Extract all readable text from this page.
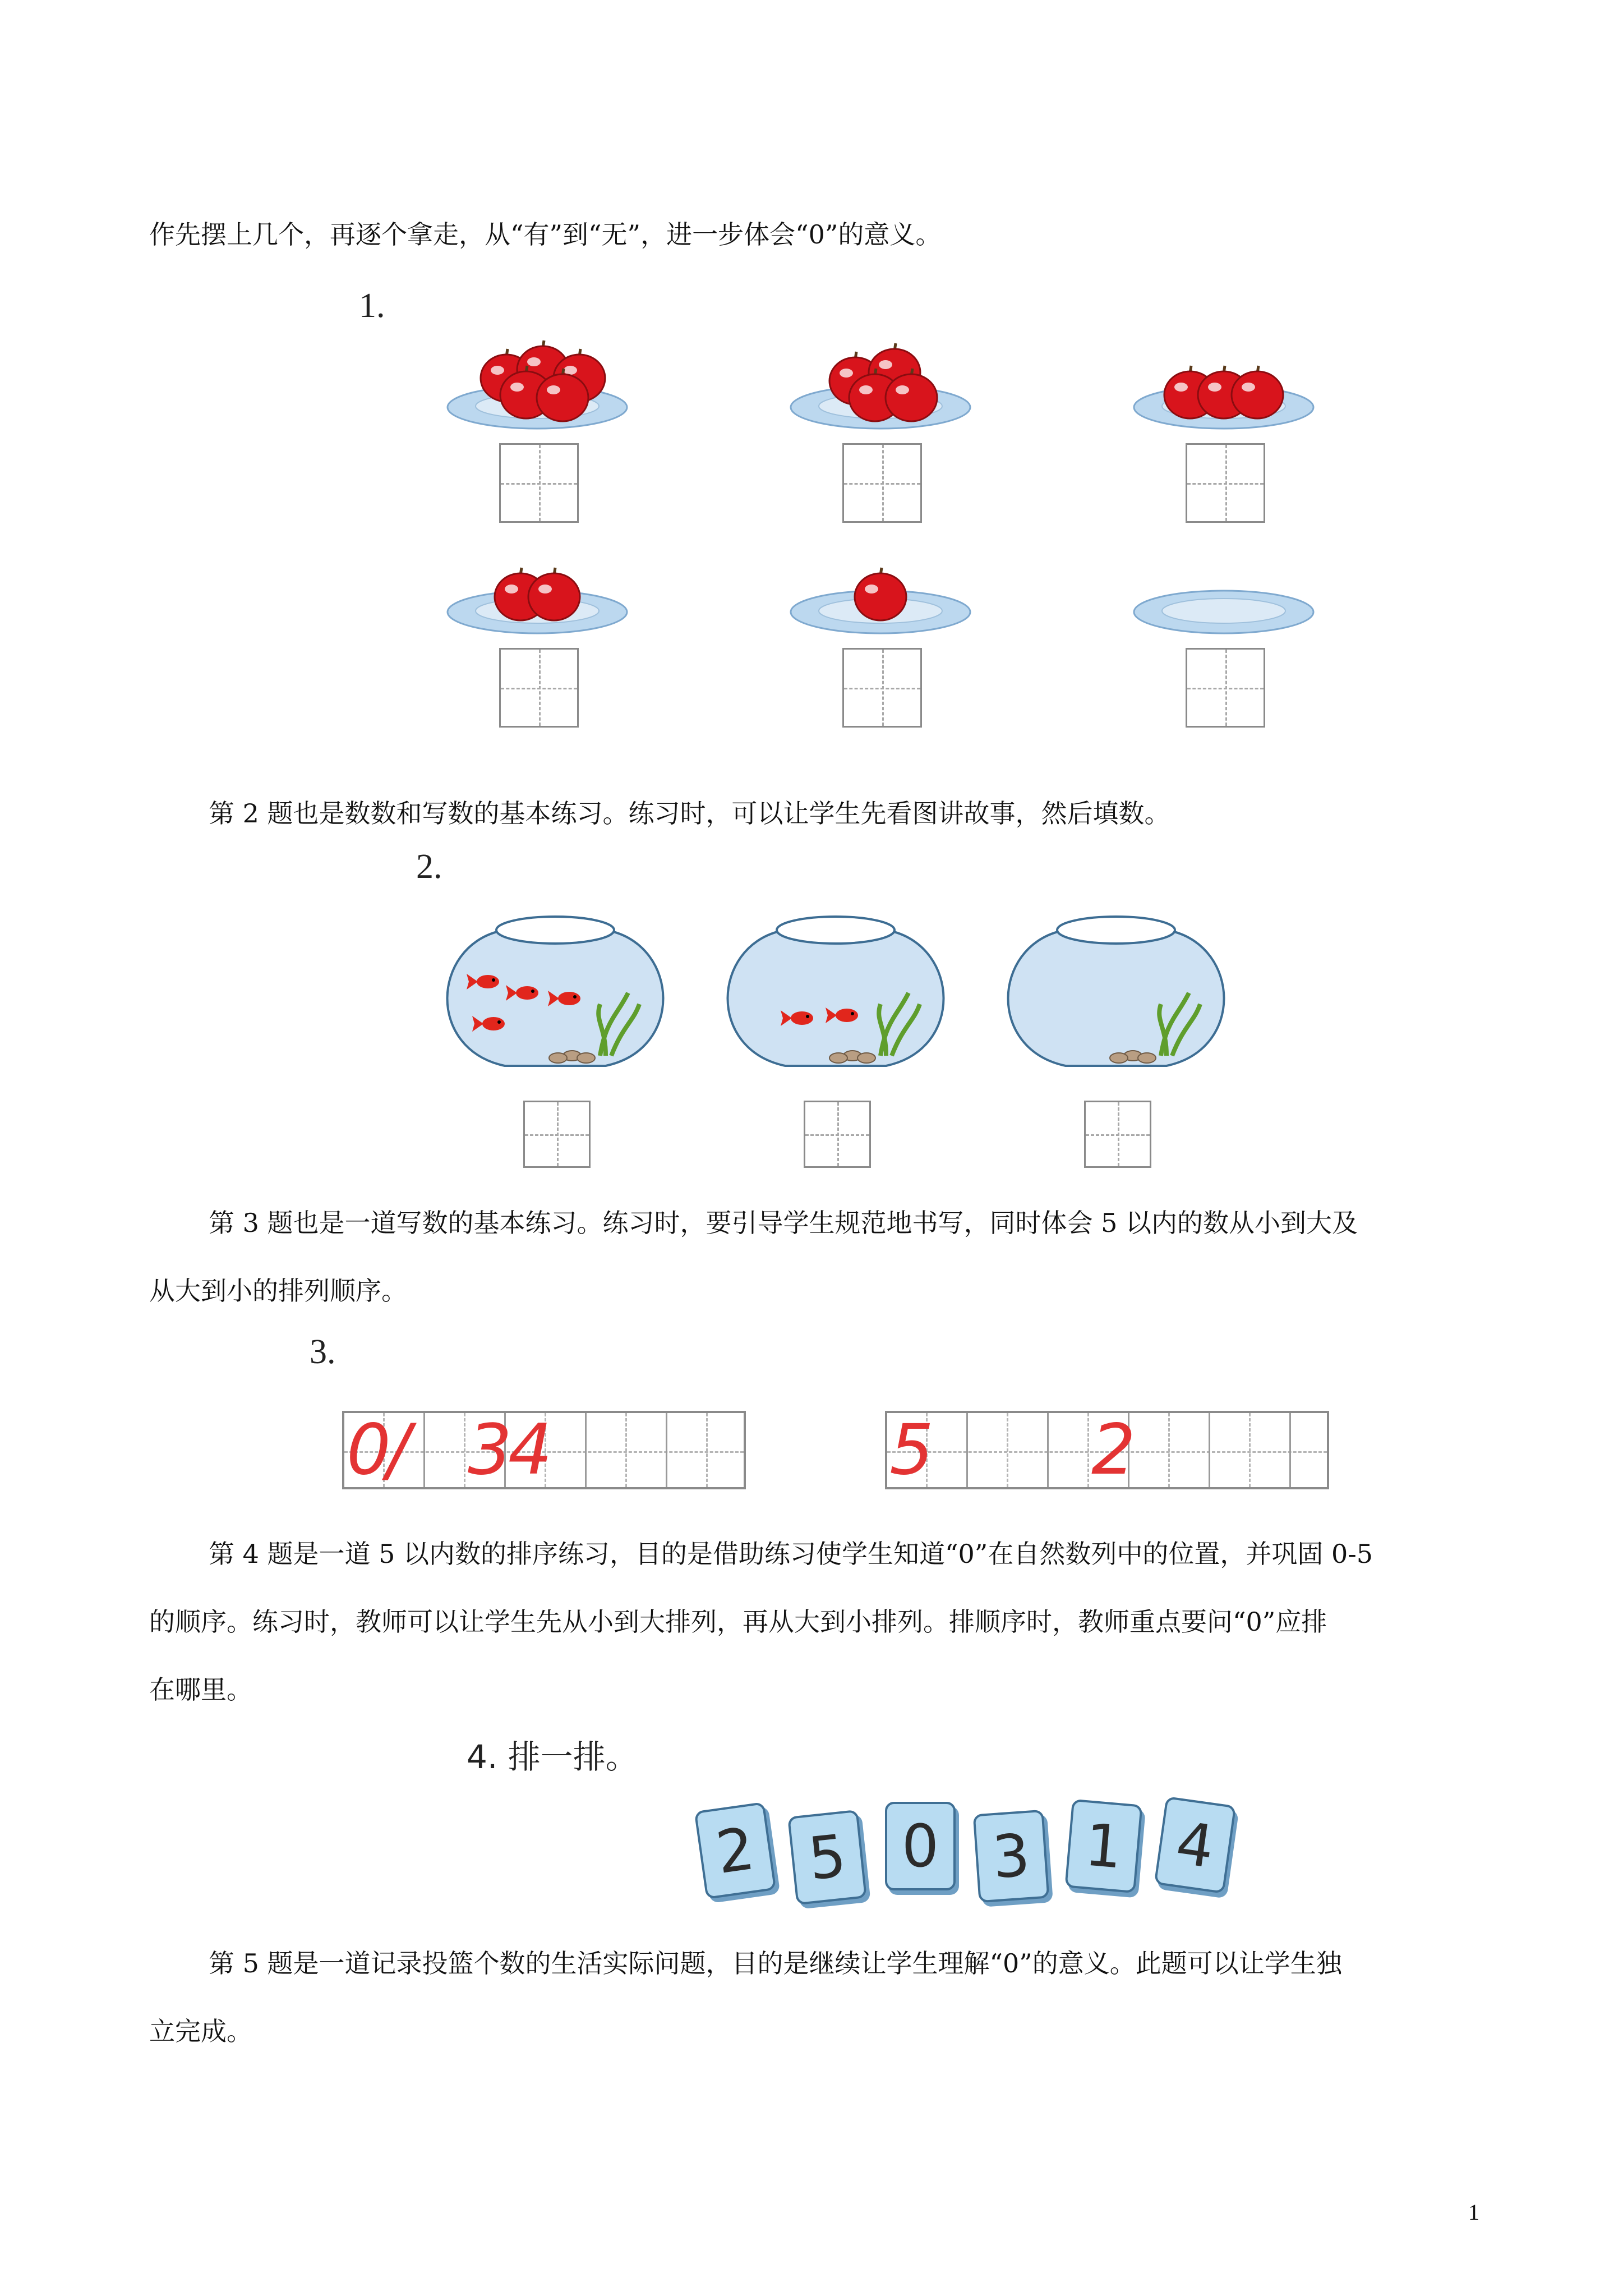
作先摆上几个，再逐个拿走，从“有”到“无”，进一步体会“0”的意义。

1.

第 2 题也是数数和写数的基本练习。练习时，可以让学生先看图讲故事，然后填数。

2.

第 3 题也是一道写数的基本练习。练习时，要引导学生规范地书写，同时体会 5 以内的数从小到大及

从大到小的排列顺序。

3.
0
/ 3
4	5 2

第 4 题是一道 5 以内数的排序练习，目的是借助练习使学生知道“0”在自然数列中的位置，并巩固 0-5

的顺序。练习时，教师可以让学生先从小到大排列，再从大到小排列。排顺序时，教师重点要问“0”应排

在哪里。

4. 排一排。
2 5 0 3 1 4

第 5 题是一道记录投篮个数的生活实际问题，目的是继续让学生理解“0”的意义。此题可以让学生独

立完成。

1
